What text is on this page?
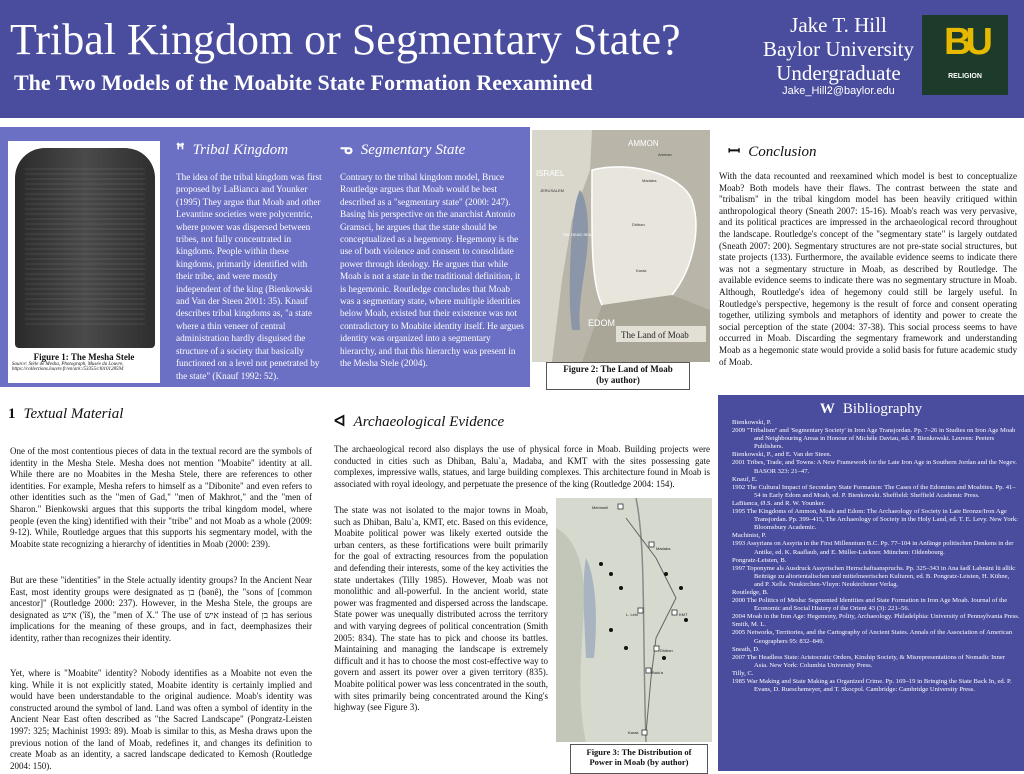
Tribal Kingdom or Segmentary State?
The Two Models of the Moabite State Formation Reexamined
Jake T. Hill
Baylor University
Undergraduate
Jake_Hill2@baylor.edu
BU
RELIGION
Figure 1: The Mesha Stele
Source: Stèle de Mesha, Photograph, Musée du Louvre, https://collections.louvre.fr/en/ark:/53355/cl010128594
ꟸ Tribal Kingdom
The idea of the tribal kingdom was first proposed by LaBianca and Younker (1995) They argue that Moab and other Levantine societies were polycentric, where power was dispersed between tribes, not fully concentrated in kingdoms. People within these kingdoms, primarily identified with their tribe, and were mostly independent of the king (Bienkowski and Van der Steen 2001: 35). Knauf describes tribal kingdoms as, "a state where a thin veneer of central administration hardly disguised the structure of a society that basically functioned on a level not penetrated by the state" (Knauf 1992: 52).
ᓀ Segmentary State
Contrary to the tribal kingdom model, Bruce Routledge argues that Moab would be best described as a "segmentary state" (2000: 247). Basing his perspective on the anarchist Antonio Gramsci, he argues that the state should be conceptualized as a hegemony. Hegemony is the use of both violence and consent to consolidate power through ideology. He argues that while Moab is not a state in the traditional definition, it is hegemonic. Routledge concludes that Moab was a segmentary state, where multiple identities below Moab, existed but their existence was not contradictory to Moabite identity itself. He argues identity was organized into a segmentary hierarchy, and that this hierarchy was present in the Mesha Stele (2004).
ISRAEL
AMMON
JERUSALEM
THE DEAD SEA
Amman
Madaba
Dhiban
Karak
EDOM
The Land of Moab
Figure 2: The Land of Moab
(by author)
ꟷ Conclusion
With the data recounted and reexamined which model is best to conceptualize Moab? Both models have their flaws. The contrast between the state and "tribalism" in the tribal kingdom model has been heavily critiqued within anthropological theory (Sneath 2007: 15-16). Moab's reach was very pervasive, and its political practices are impressed in the archaeological record throughout the landscape. Routledge's concept of the "segmentary state" is largely outdated (Sneath 2007: 200). Segmentary structures are not pre-state social structures, but state projects (133). Furthermore, the available evidence seems to indicate there was not a segmentary structure in Moab, as described by Routledge. The available evidence seems to indicate there was no segmentary structure in Moab. Although, Routledge's idea of hegemony could still be largely useful. In Routledge's perspective, hegemony is the result of force and consent operating together, utilizing symbols and metaphors of identity and power to create the social perception of the state (2004: 37-38). This social process seems to have occurred in Moab. Discarding the segmentary framework and understanding Moab as a hegemonic state would provide a solid basis for future academic study of Moab.
1 Textual Material
One of the most contentious pieces of data in the textual record are the symbols of identity in the Mesha Stele. Mesha does not mention "Moabite" identity at all. While there are no Moabites in the Mesha Stele, there are references to other identities. For example, Mesha refers to himself as a "Dibonite" and even refers to other identities such as the "men of Gad," "men of Makhrot," and the "men of Sharon." Bienkowski argues that this supports the tribal kingdom model, where people (even the king) identified with their "tribe" and not Moab as a whole (2009: 9-12). While, Routledge argues that this supports his segmentary model, with the Moabite state recognizing a hierarchy of identities in Moab (2000: 239).
But are these "identities" in the Stele actually identity groups? In the Ancient Near East, most identity groups were designated as בן (bənê), the "sons of [common ancestor]" (Routledge 2000: 237). However, in the Mesha Stele, the groups are designated as איש ('îš), the "men of X." The use of איש instead of בן has serious implications for the meaning of these groups, and in fact, deemphasizes their identity, rather than recognizes their identity.
Yet, where is "Moabite" identity? Nobody identifies as a Moabite not even the king. While it is not explicitly stated, Moabite identity is certainly implied and would have been understandable to the original audience. Moab's identity was constructed around the symbol of land. Land was often a symbol of identity in the Ancient Near East often described as "the Sacred Landscape" (Pongratz-Leisten 1997: 325; Machinist 1993: 89). Moab is similar to this, as Mesha draws upon the previous notion of the land of Moab, redefines it, and changes its definition to create Moab as an identity, a sacred landscape dedicated to Kemosh (Routledge 2004: 150).
ᐊ Archaeological Evidence
The archaeological record also displays the use of physical force in Moab. Building projects were conducted in cities such as Dhiban, Balu`a, Madaba, and KMT with the sites possessing gate complexes, impressive walls, statues, and large building complexes. This architecture found in Moab is associated with royal ideology, and perpetuate the presence of the king (Routledge 2004: 154).
The state was not isolated to the major towns in Moab, such as Dhiban, Balu`a, KMT, etc. Based on this evidence, Moabite political power was likely exerted outside the urban centers, as these fortifications were built primarily for the goal of extracting resources from the population and defending their interests, some of the key activities the state undertakes (Tilly 1985). However, Moab was not monolithic and all-powerful. In the ancient world, state power was fragmented and dispersed across the landscape. State power was unequally distributed across the territory and with varying degrees of political concentration (Smith 2005: 834). The state has to pick and choose its battles. Maintaining and managing the landscape is extremely difficult and it has to choose the most cost-effective way to govern and assert its power over a given territory (835). Moabite political power was less concentrated in the south, with sites primarily being concentrated around the King's highway (see Figure 3).
Mehrweil
Madaba
L. Lehi	KMT
Dhiban
Balu'a
Karak
Figure 3: The Distribution of
Power in Moab (by author)
W Bibliography
Bienkowski, P.
2009 "Tribalism" and 'Segmentary Society' in Iron Age Transjordan. Pp. 7–26 in Studies on Iron Age Moab and Neighbouring Areas in Honour of Michèle Daviau, ed. P. Bienkowski. Leuven: Peeters Publishers.
Bienkowski, P., and E. Van der Steen.
2001 Tribes, Trade, and Towns: A New Framework for the Late Iron Age in Southern Jordan and the Negev. BASOR 323: 21–47.
Knauf, E.
1992 The Cultural Impact of Secondary State Formation: The Cases of the Edomites and Moabites. Pp. 41–54 in Early Edom and Moab, ed. P. Bienkowski. Sheffield: Sheffield Academic Press.
LaBianca, Ø.S. and R. W. Younker.
1995 The Kingdoms of Ammon, Moab and Edom: The Archaeology of Society in Late Bronze/Iron Age Transjordan. Pp. 399–415, The Archaeology of Society in the Holy Land, ed. T. E. Levy. New York: Bloomsbury Academic.
Machinist, P.
1993 Assyrians on Assyria in the First Millennium B.C. Pp. 77–104 in Anfänge politischen Denkens in der Antike, ed. K. Raaflaub, and E. Müller-Luckner. München: Oldenbourg.
Pongratz-Leisten, B.
1997 Toponyme als Ausdruck Assyrischen Herrschaftsanspruchs. Pp. 325–343 in Ana šadî Labnāni lū allik: Beiträge zu altorientalischen und mittelmeerischen Kulturen, ed. B. Pongratz-Leisten, H. Kühne, and P. Xella. Neukirchen-Vluyn: Neukirchener Verlag.
Routledge, B.
2000 The Politics of Mesha: Segmented Identities and State Formation in Iron Age Moab. Journal of the Economic and Social History of the Orient 43 (3): 221–56.
2004 Moab in the Iron Age: Hegemony, Polity, Archaeology. Philadelphia: University of Pennsylvania Press.
Smith, M. L.
2005 Networks, Territories, and the Cartography of Ancient States. Annals of the Association of American Geographers 95: 832–849.
Sneath, D.
2007 The Headless State: Aristocratic Orders, Kinship Society, & Misrepresentations of Nomadic Inner Asia. New York: Columbia University Press.
Tilly, C.
1985 War Making and State Making as Organized Crime. Pp. 169–19 in Bringing the State Back In, ed. P. Evans, D. Rueschemeyer, and T. Skocpol. Cambridge: Cambridge University Press.
